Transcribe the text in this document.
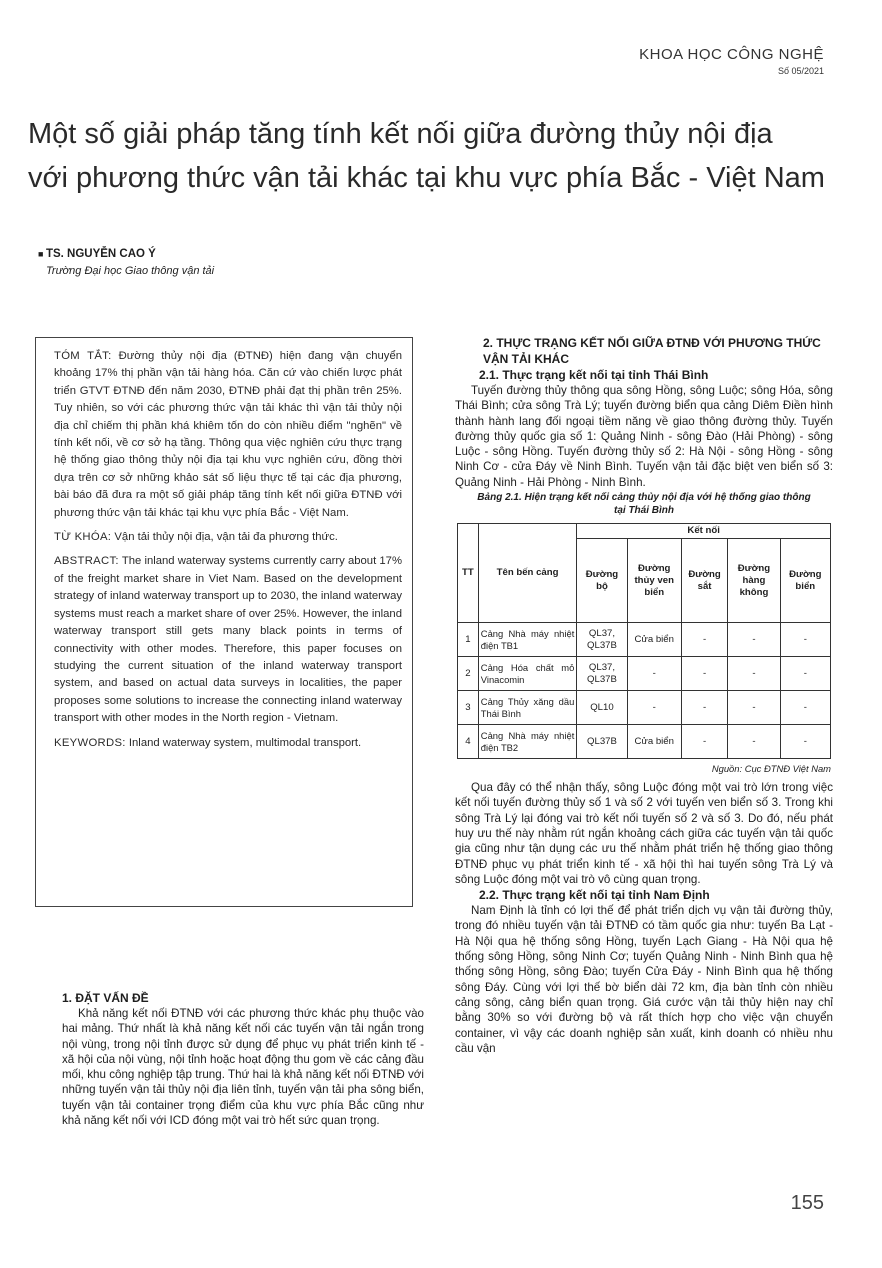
KHOA HỌC CÔNG NGHỆ
Số 05/2021
Một số giải pháp tăng tính kết nối giữa đường thủy nội địa
với phương thức vận tải khác tại khu vực phía Bắc - Việt Nam
■ TS. NGUYỄN CAO Ý
Trường Đại học Giao thông vận tải

TÓM TẮT: Đường thủy nội địa (ĐTNĐ) hiện đang vận chuyển khoảng 17% thị phần vận tải hàng hóa. Căn cứ vào chiến lược phát triển GTVT ĐTNĐ đến năm 2030, ĐTNĐ phải đạt thị phần trên 25%. Tuy nhiên, so với các phương thức vận tải khác thì vận tải thủy nội địa chỉ chiếm thị phần khá khiêm tốn do còn nhiều điểm "nghẽn" về tính kết nối, về cơ sở hạ tầng. Thông qua việc nghiên cứu thực trạng hệ thống giao thông thủy nội địa tại khu vực nghiên cứu, đồng thời dựa trên cơ sở những khảo sát số liệu thực tế tại các địa phương, bài báo đã đưa ra một số giải pháp tăng tính kết nối giữa ĐTNĐ với phương thức vận tải khác tại khu vực phía Bắc - Việt Nam.

TỪ KHÓA: Vận tải thủy nội địa, vận tải đa phương thức.

ABSTRACT: The inland waterway systems currently carry about 17% of the freight market share in Viet Nam. Based on the development strategy of inland waterway transport up to 2030, the inland waterway systems must reach a market share of over 25%. However, the inland waterway transport still gets many black points in terms of connectivity with other modes. Therefore, this paper focuses on studying the current situation of the inland waterway transport system, and based on actual data surveys in localities, the paper proposes some solutions to increase the connecting inland waterway transport with other modes in the North region - Vietnam.

KEYWORDS: Inland waterway system, multimodal transport.

1. ĐẶT VẤN ĐỀ

Khả năng kết nối ĐTNĐ với các phương thức khác phụ thuộc vào hai mảng. Thứ nhất là khả năng kết nối các tuyến vận tải ngắn trong nội vùng, trong nội tỉnh được sử dụng để phục vụ phát triển kinh tế - xã hội của nội vùng, nội tỉnh hoặc hoạt động thu gom về các cảng đầu mối, khu công nghiệp tập trung. Thứ hai là khả năng kết nối ĐTNĐ với những tuyến vận tải thủy nội địa liên tỉnh, tuyến vận tải pha sông biển, tuyến vận tải container trọng điểm của khu vực phía Bắc cũng như khả năng kết nối với ICD đóng một vai trò hết sức quan trọng.

2. THỰC TRẠNG KẾT NỐI GIỮA ĐTNĐ VỚI PHƯƠNG THỨC VẬN TẢI KHÁC
2.1. Thực trạng kết nối tại tỉnh Thái Bình

Tuyến đường thủy thông qua sông Hồng, sông Luộc; sông Hóa, sông Thái Bình; cửa sông Trà Lý; tuyến đường biển qua cảng Diêm Điền hình thành hành lang đối ngoại tiềm năng về giao thông đường thủy. Tuyến đường thủy quốc gia số 1: Quảng Ninh - sông Đào (Hải Phòng) - sông Luộc - sông Hồng. Tuyến đường thủy số 2: Hà Nội - sông Hồng - sông Ninh Cơ - cửa Đáy về Ninh Bình. Tuyến vận tải đặc biệt ven biển số 3: Quảng Ninh - Hải Phòng - Ninh Bình.

Bảng 2.1. Hiện trạng kết nối cảng thủy nội địa với hệ thống giao thông tại Thái Bình
TT	Tên bến cảng	Kết nối				
		Đường bộ	Đường thủy ven biển	Đường sắt	Đường hàng không	Đường biển
1	Cảng Nhà máy nhiệt điện TB1	QL37, QL37B	Cửa biển	-	-	-
2	Cảng Hóa chất mỏ Vinacomin	QL37, QL37B	-	-	-	-
3	Cảng Thủy xăng dầu Thái Bình	QL10	-	-	-	-
4	Cảng Nhà máy nhiệt điện TB2	QL37B	Cửa biển	-	-	-
Nguồn: Cục ĐTNĐ Việt Nam

Qua đây có thể nhận thấy, sông Luộc đóng một vai trò lớn trong việc kết nối tuyến đường thủy số 1 và số 2 với tuyến ven biển số 3. Trong khi sông Trà Lý lại đóng vai trò kết nối tuyến số 2 và số 3. Do đó, nếu phát huy ưu thế này nhằm rút ngắn khoảng cách giữa các tuyến vận tải quốc gia cũng như tận dụng các ưu thế nhằm phát triển hệ thống giao thông ĐTNĐ phục vụ phát triển kinh tế - xã hội thì hai tuyến sông Trà Lý và sông Luộc đóng một vai trò vô cùng quan trọng.

2.2. Thực trạng kết nối tại tỉnh Nam Định

Nam Định là tỉnh có lợi thế để phát triển dịch vụ vận tải đường thủy, trong đó nhiều tuyến vận tải ĐTNĐ có tầm quốc gia như: tuyến Ba Lạt - Hà Nội qua hệ thống sông Hồng, tuyến Lạch Giang - Hà Nội qua hệ thống sông Hồng, sông Ninh Cơ; tuyến Quảng Ninh - Ninh Bình qua hệ thống sông Hồng, sông Đào; tuyến Cửa Đáy - Ninh Bình qua hệ thống sông Đáy. Cùng với lợi thế bờ biển dài 72 km, địa bàn tỉnh còn nhiều cảng sông, cảng biển quan trọng. Giá cước vận tải thủy hiện nay chỉ bằng 30% so với đường bộ và rất thích hợp cho việc vận chuyển container, vì vậy các doanh nghiệp sản xuất, kinh doanh có nhiều nhu cầu vận

155
